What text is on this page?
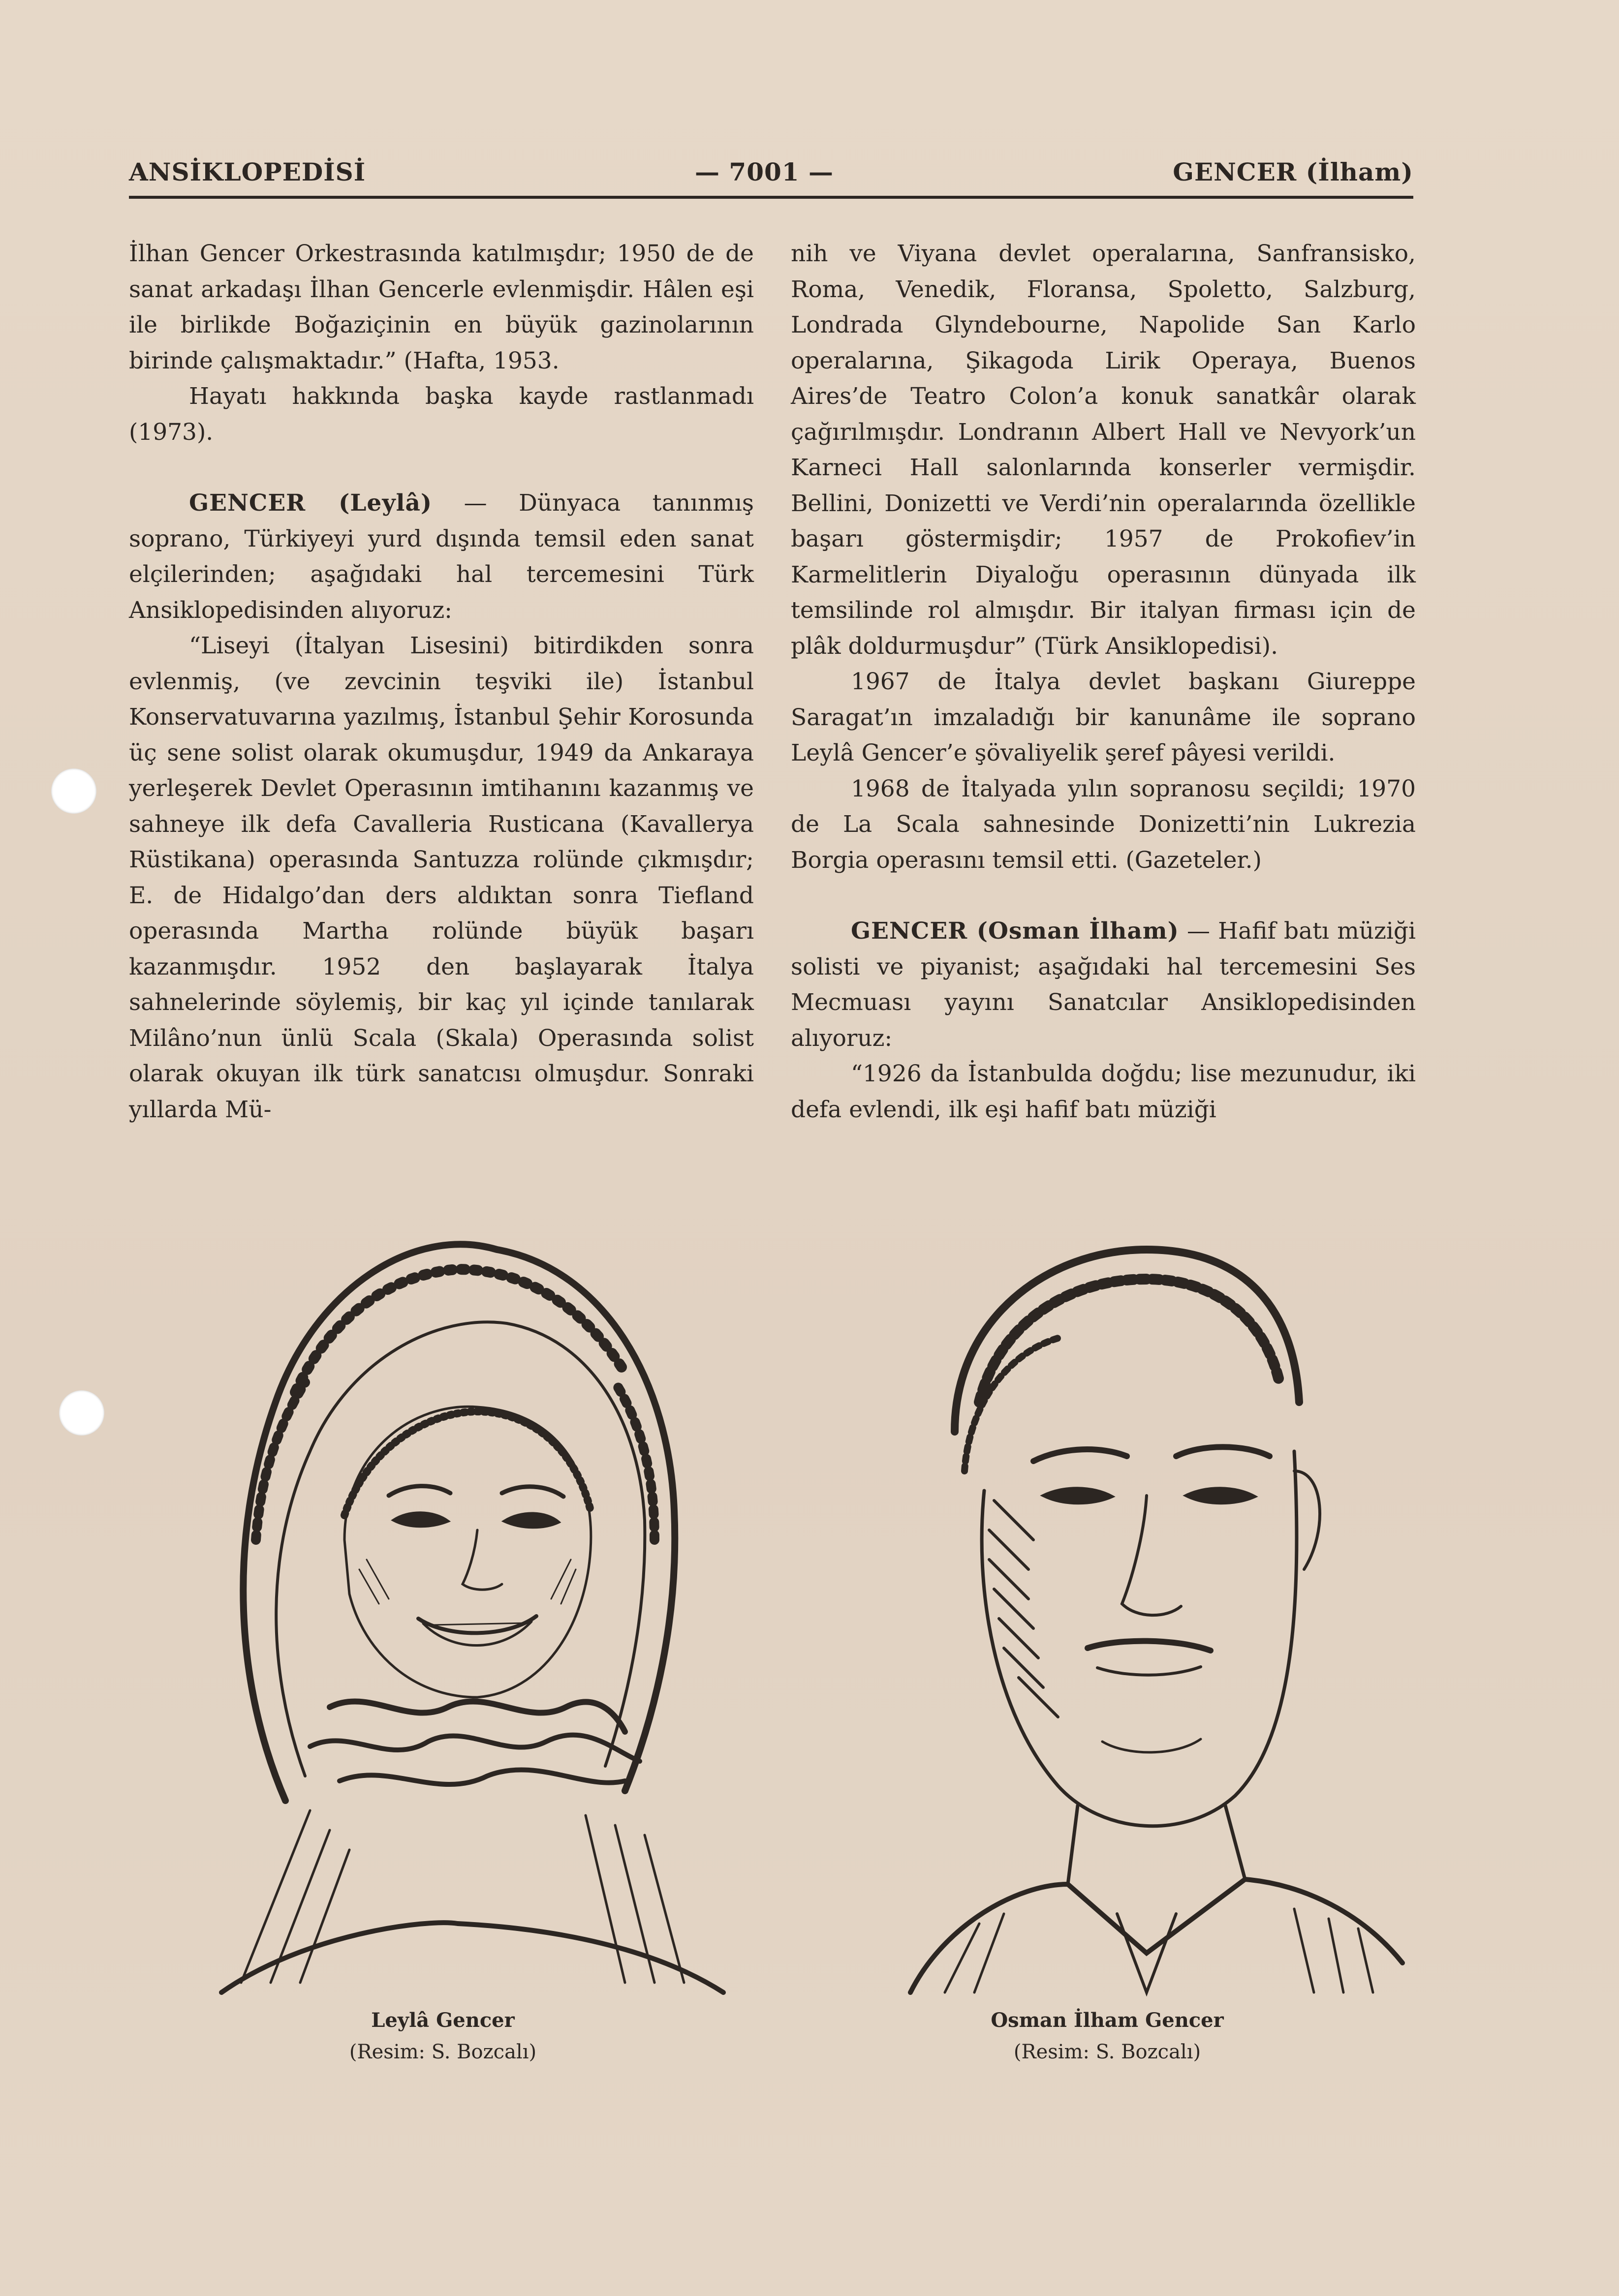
ANSİKLOPEDİSİ	— 7001 —	GENCER (İlham)

İlhan Gencer Orkestrasında katılmışdır; 1950 de de sanat arkadaşı İlhan Gencerle evlenmişdir. Hâlen eşi ile birlikde Boğaziçinin en büyük gazinolarının birinde çalışmaktadır.” (Hafta, 1953.

Hayatı hakkında başka kayde rastlanmadı (1973).

GENCER (Leylâ) — Dünyaca tanınmış soprano, Türkiyeyi yurd dışında temsil eden sanat elçilerinden; aşağıdaki hal tercemesini Türk Ansiklopedisinden alıyoruz:

“Liseyi (İtalyan Lisesini) bitirdikden sonra evlenmiş, (ve zevcinin teşviki ile) İstanbul Konservatuvarına yazılmış, İstanbul Şehir Korosunda üç sene solist olarak okumuşdur, 1949 da Ankaraya yerleşerek Devlet Operasının imtihanını kazanmış ve sahneye ilk defa Cavalleria Rusticana (Kavallerya Rüstikana) operasında Santuzza rolünde çıkmışdır; E. de Hidalgo’dan ders aldıktan sonra Tiefland operasında Martha rolünde büyük başarı kazanmışdır. 1952 den başlayarak İtalya sahnelerinde söylemiş, bir kaç yıl içinde tanılarak Milâno’nun ünlü Scala (Skala) Operasında solist olarak okuyan ilk türk sanatcısı olmuşdur. Sonraki yıllarda Mü-

nih ve Viyana devlet operalarına, Sanfransisko, Roma, Venedik, Floransa, Spoletto, Salzburg, Londrada Glyndebourne, Napolide San Karlo operalarına, Şikagoda Lirik Operaya, Buenos Aires’de Teatro Colon’a konuk sanatkâr olarak çağırılmışdır. Londranın Albert Hall ve Nevyork’un Karneci Hall salonlarında konserler vermişdir. Bellini, Donizetti ve Verdi’nin operalarında özellikle başarı göstermişdir; 1957 de Prokofiev’in Karmelitlerin Diyaloğu operasının dünyada ilk temsilinde rol almışdır. Bir italyan firması için de plâk doldurmuşdur” (Türk Ansiklopedisi).

1967 de İtalya devlet başkanı Giureppe Saragat’ın imzaladığı bir kanunâme ile soprano Leylâ Gencer’e şövaliyelik şeref pâyesi verildi.

1968 de İtalyada yılın sopranosu seçildi; 1970 de La Scala sahnesinde Donizetti’nin Lukrezia Borgia operasını temsil etti. (Gazeteler.)

GENCER (Osman İlham) — Hafif batı müziği solisti ve piyanist; aşağıdaki hal tercemesini Ses Mecmuası yayını Sanatcılar Ansiklopedisinden alıyoruz:

“1926 da İstanbulda doğdu; lise mezunudur, iki defa evlendi, ilk eşi hafif batı müziği

Leylâ Gencer
(Resim: S. Bozcalı)
Osman İlham Gencer
(Resim: S. Bozcalı)
